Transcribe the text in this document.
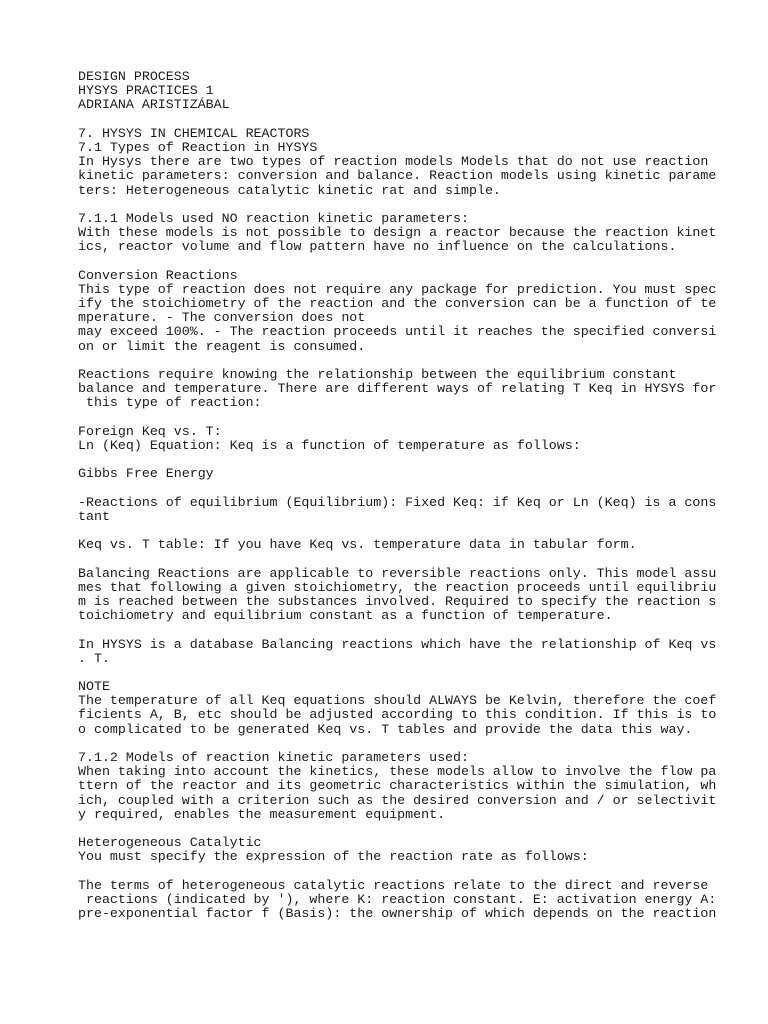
DESIGN PROCESS
HYSYS PRACTICES 1
ADRIANA ARISTIZÁBAL
7. HYSYS IN CHEMICAL REACTORS
7.1 Types of Reaction in HYSYS
In Hysys there are two types of reaction models Models that do not use reaction
kinetic parameters: conversion and balance. Reaction models using kinetic parame
ters: Heterogeneous catalytic kinetic rat and simple.
7.1.1 Models used NO reaction kinetic parameters:
With these models is not possible to design a reactor because the reaction kinet
ics, reactor volume and flow pattern have no influence on the calculations.
Conversion Reactions
This type of reaction does not require any package for prediction. You must spec
ify the stoichiometry of the reaction and the conversion can be a function of te
mperature. - The conversion does not
may exceed 100%. - The reaction proceeds until it reaches the specified conversi
on or limit the reagent is consumed.
Reactions require knowing the relationship between the equilibrium constant
balance and temperature. There are different ways of relating T Keq in HYSYS for
this type of reaction:
Foreign Keq vs. T:
Ln (Keq) Equation: Keq is a function of temperature as follows:
Gibbs Free Energy
-Reactions of equilibrium (Equilibrium): Fixed Keq: if Keq or Ln (Keq) is a cons
tant
Keq vs. T table: If you have Keq vs. temperature data in tabular form.
Balancing Reactions are applicable to reversible reactions only. This model assu
mes that following a given stoichiometry, the reaction proceeds until equilibriu
m is reached between the substances involved. Required to specify the reaction s
toichiometry and equilibrium constant as a function of temperature.
In HYSYS is a database Balancing reactions which have the relationship of Keq vs
. T.
NOTE
The temperature of all Keq equations should ALWAYS be Kelvin, therefore the coef
ficients A, B, etc should be adjusted according to this condition. If this is to
o complicated to be generated Keq vs. T tables and provide the data this way.
7.1.2 Models of reaction kinetic parameters used:
When taking into account the kinetics, these models allow to involve the flow pa
ttern of the reactor and its geometric characteristics within the simulation, wh
ich, coupled with a criterion such as the desired conversion and / or selectivit
y required, enables the measurement equipment.
Heterogeneous Catalytic
You must specify the expression of the reaction rate as follows:
The terms of heterogeneous catalytic reactions relate to the direct and reverse
reactions (indicated by '), where K: reaction constant. E: activation energy A:
pre-exponential factor f (Basis): the ownership of which depends on the reaction
